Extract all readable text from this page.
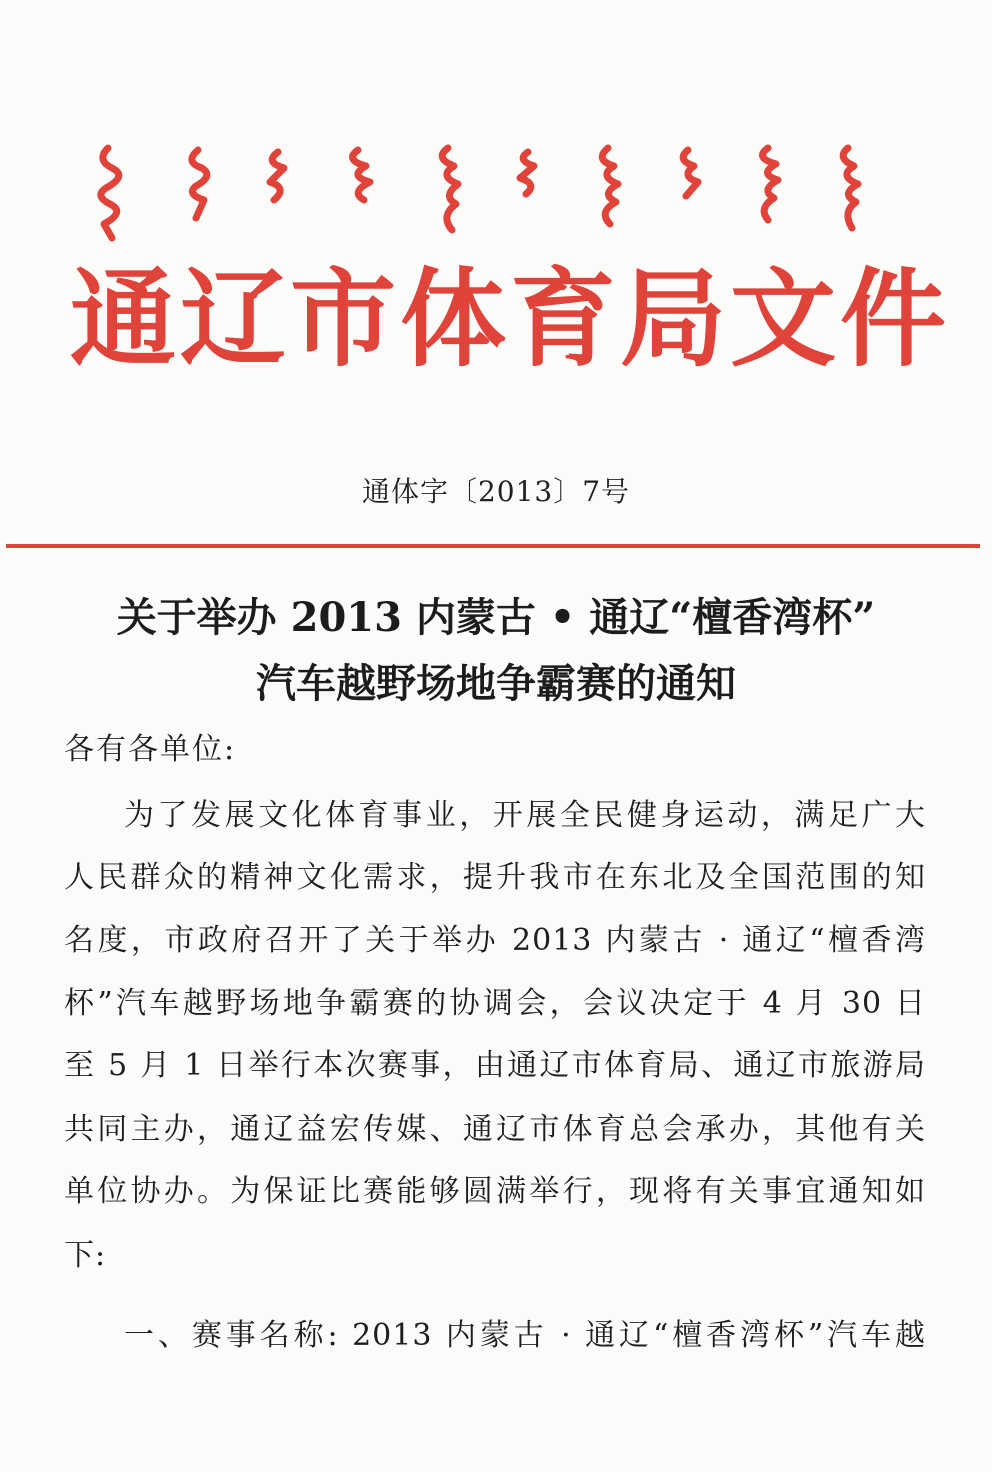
ᠲᠦᠩᠯᠢᠶᠣ ᠬᠣᠲᠠ ᠶᠢᠨ ᠪᠡᠶᠡ ᠲᠠᠮᠠᠷᠢᠶᠠᠨ ᠤ ᠲᠣᠪᠴᠢᠶᠠ ᠶᠢᠨ ᠪᠢᠴᠢᠭ
通辽市体育局文件
通体字〔2013〕7号
关于举办 2013 内蒙古 • 通辽“檀香湾杯”
汽车越野场地争霸赛的通知
各有各单位:
为了发展文化体育事业，开展全民健身运动，满足广大
人民群众的精神文化需求，提升我市在东北及全国范围的知
名度，市政府召开了关于举办 2013 内蒙古 · 通辽“檀香湾
杯”汽车越野场地争霸赛的协调会，会议决定于 4 月 30 日
至 5 月 1 日举行本次赛事，由通辽市体育局、通辽市旅游局
共同主办，通辽益宏传媒、通辽市体育总会承办，其他有关
单位协办。为保证比赛能够圆满举行，现将有关事宜通知如
下:
一、赛事名称: 2013 内蒙古 · 通辽“檀香湾杯”汽车越
